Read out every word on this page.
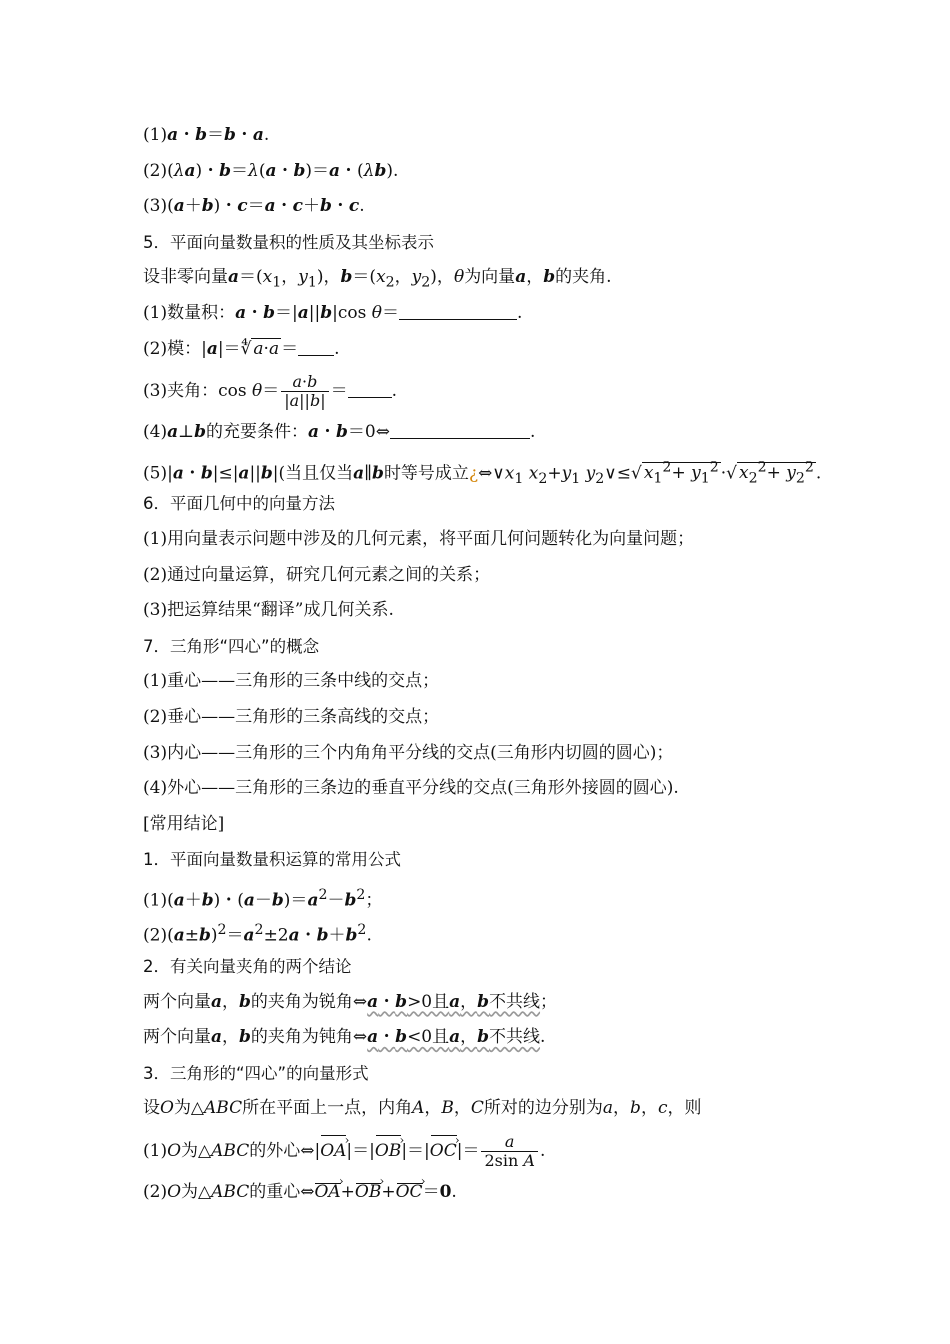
(1)a・b＝b・a.
(2)(λa)・b＝λ(a・b)＝a・(λb).
(3)(a＋b)・c＝a・c＋b・c.
5．平面向量数量积的性质及其坐标表示
设非零向量$a=(x_1$，$y_1$)，$b=(x_2$，$y_2$)，θ为向量a，b的夹角.
(1)数量积：a・b＝|a||b|cos θ＝	.
(2)模：|a|＝∜ a·a ＝ .
(3)夹角：$\cos \theta= \frac{a\cdot b}{|a||b|}$ ＝	.
(4)a⊥b的充要条件：a・b＝0⇔	.
(5)|a・b|≤|a||b|(当且仅当a∥b时等号成立¿$\Leftrightarrow\vee x_1$ $x_2+y_1$ $y_2\vee\le√$ $x_1^2+ y_1^2$ ·√ $x_2^2+ y_2^2$ .
6．平面几何中的向量方法
(1)用向量表示问题中涉及的几何元素，将平面几何问题转化为向量问题；
(2)通过向量运算，研究几何元素之间的关系；
(3)把运算结果“翻译”成几何关系.
7．三角形“四心”的概念
(1)重心——三角形的三条中线的交点；
(2)垂心——三角形的三条高线的交点；
(3)内心——三角形的三个内角角平分线的交点(三角形内切圆的圆心)；
(4)外心——三角形的三条边的垂直平分线的交点(三角形外接圆的圆心).
[常用结论]
1．平面向量数量积运算的常用公式
(1)(a＋b)・$(a-b)=a^2-b^2$；
$(2)(a\pm b)^2=a^2\pm 2a$・$b+b^2$.
2．有关向量夹角的两个结论
两个向量a，b的夹角为锐角⇔a・b>0且a，b不共线；
两个向量a，b的夹角为钝角⇔a・b<0且a，b不共线.
3．三角形的“四心”的向量形式
设O为△ABC所在平面上一点，内角A，B，C所对的边分别为a，b，c，则
(1)O为△ABC的外心⇔|› OA|＝|› OB|＝|› $OC|= \frac{a}{\text{2sin A}}$ .
(2)O为△ABC的重心⇔› OA+› OB+› OC＝0.
